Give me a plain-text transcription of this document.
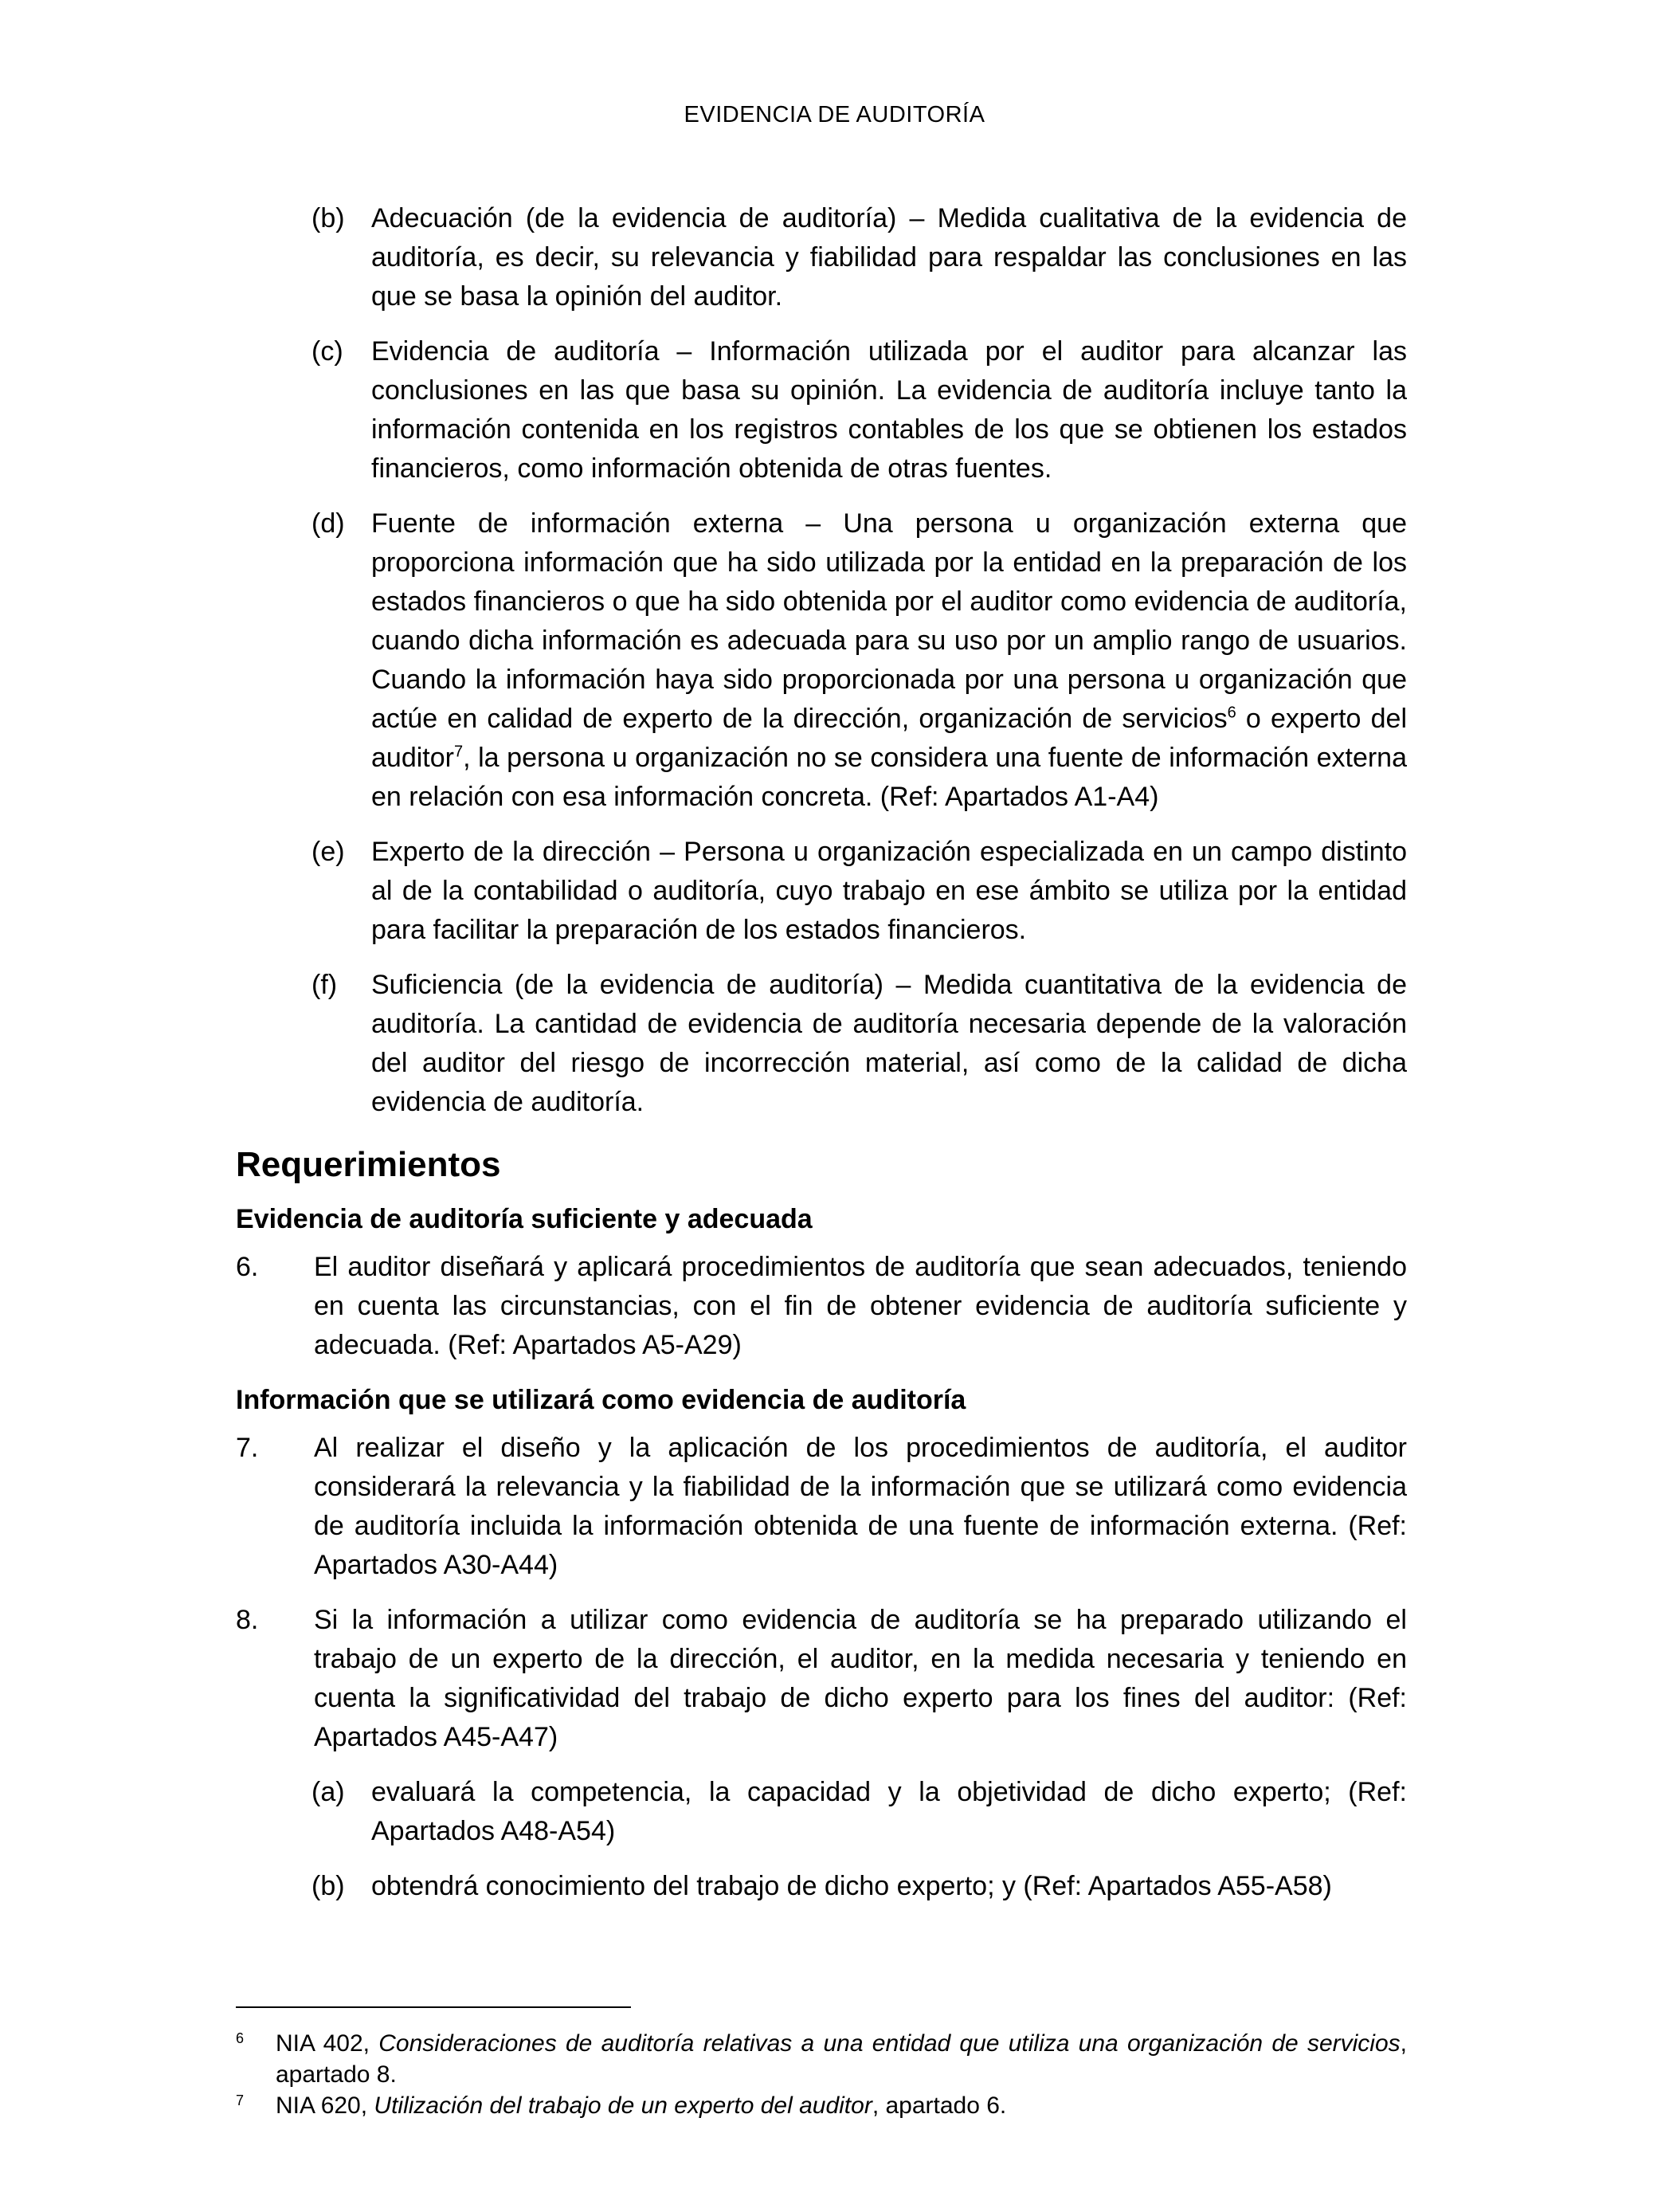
EVIDENCIA DE AUDITORÍA
(b) Adecuación (de la evidencia de auditoría) – Medida cualitativa de la evidencia de auditoría, es decir, su relevancia y fiabilidad para respaldar las conclusiones en las que se basa la opinión del auditor.
(c) Evidencia de auditoría – Información utilizada por el auditor para alcanzar las conclusiones en las que basa su opinión. La evidencia de auditoría incluye tanto la información contenida en los registros contables de los que se obtienen los estados financieros, como información obtenida de otras fuentes.
(d) Fuente de información externa – Una persona u organización externa que proporciona información que ha sido utilizada por la entidad en la preparación de los estados financieros o que ha sido obtenida por el auditor como evidencia de auditoría, cuando dicha información es adecuada para su uso por un amplio rango de usuarios. Cuando la información haya sido proporcionada por una persona u organización que actúe en calidad de experto de la dirección, organización de servicios$^6$ o experto del auditor$^7$, la persona u organización no se considera una fuente de información externa en relación con esa información concreta. (Ref: Apartados A1-A4)
(e) Experto de la dirección – Persona u organización especializada en un campo distinto al de la contabilidad o auditoría, cuyo trabajo en ese ámbito se utiliza por la entidad para facilitar la preparación de los estados financieros.
(f) Suficiencia (de la evidencia de auditoría) – Medida cuantitativa de la evidencia de auditoría. La cantidad de evidencia de auditoría necesaria depende de la valoración del auditor del riesgo de incorrección material, así como de la calidad de dicha evidencia de auditoría.
Requerimientos
Evidencia de auditoría suficiente y adecuada
6. El auditor diseñará y aplicará procedimientos de auditoría que sean adecuados, teniendo en cuenta las circunstancias, con el fin de obtener evidencia de auditoría suficiente y adecuada. (Ref: Apartados A5-A29)
Información que se utilizará como evidencia de auditoría
7. Al realizar el diseño y la aplicación de los procedimientos de auditoría, el auditor considerará la relevancia y la fiabilidad de la información que se utilizará como evidencia de auditoría incluida la información obtenida de una fuente de información externa. (Ref: Apartados A30-A44)
8. Si la información a utilizar como evidencia de auditoría se ha preparado utilizando el trabajo de un experto de la dirección, el auditor, en la medida necesaria y teniendo en cuenta la significatividad del trabajo de dicho experto para los fines del auditor: (Ref: Apartados A45-A47)
(a) evaluará la competencia, la capacidad y la objetividad de dicho experto; (Ref: Apartados A48-A54)
(b) obtendrá conocimiento del trabajo de dicho experto; y (Ref: Apartados A55-A58)
6 NIA 402, Consideraciones de auditoría relativas a una entidad que utiliza una organización de servicios, apartado 8.
7 NIA 620, Utilización del trabajo de un experto del auditor, apartado 6.
